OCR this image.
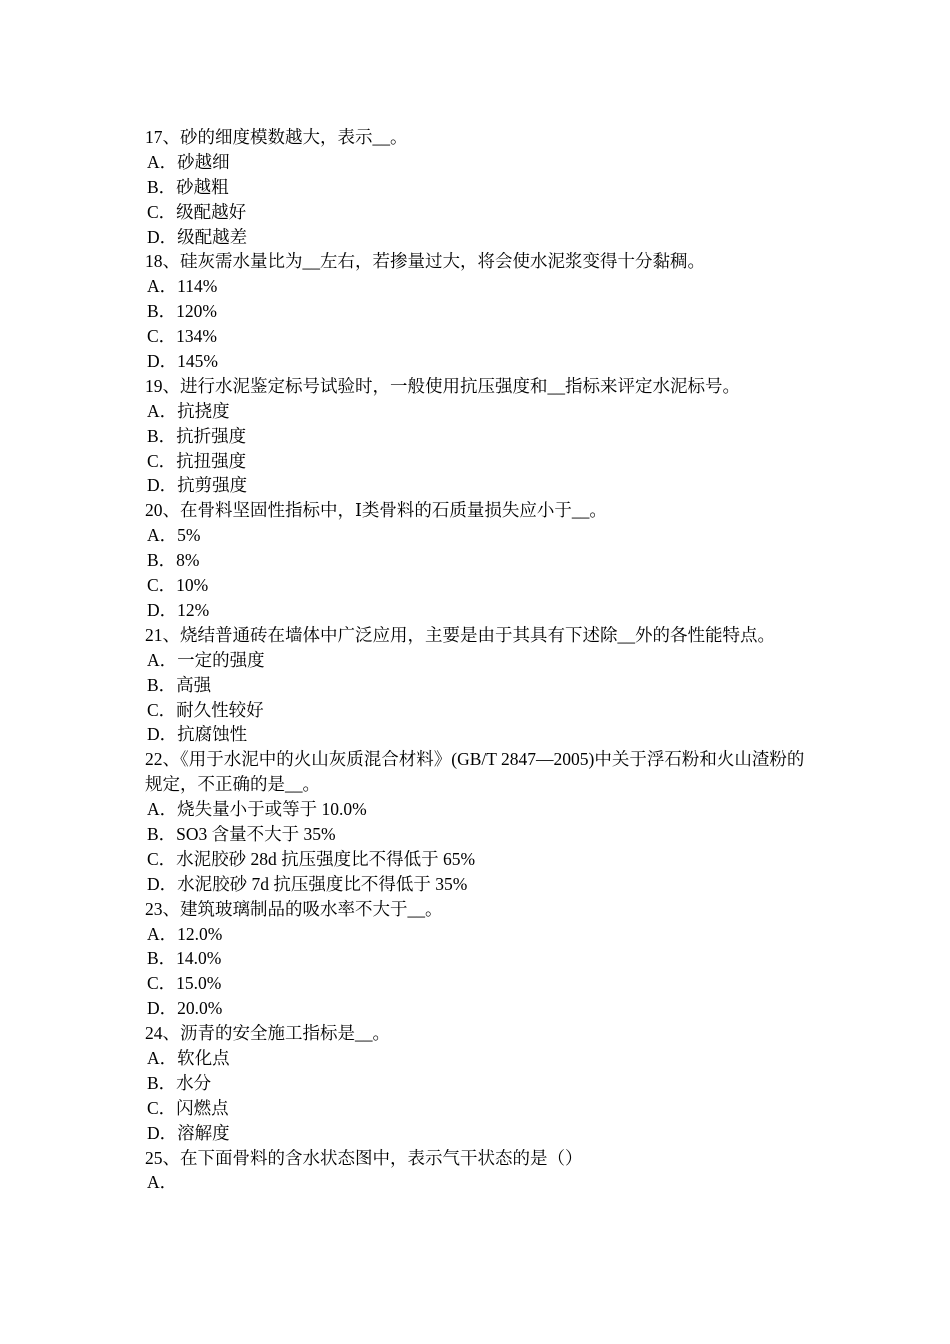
17、砂的细度模数越大，表示__。
A．砂越细
B．砂越粗
C．级配越好
D．级配越差
18、硅灰需水量比为__左右，若掺量过大，将会使水泥浆变得十分黏稠。
A．114%
B．120%
C．134%
D．145%
19、进行水泥鉴定标号试验时，一般使用抗压强度和__指标来评定水泥标号。
A．抗挠度
B．抗折强度
C．抗扭强度
D．抗剪强度
20、在骨料坚固性指标中，Ⅰ类骨料的石质量损失应小于__。
A．5%
B．8%
C．10%
D．12%
21、烧结普通砖在墙体中广泛应用，主要是由于其具有下述除__外的各性能特点。
A．一定的强度
B．高强
C．耐久性较好
D．抗腐蚀性
22、《用于水泥中的火山灰质混合材料》(GB/T 2847—2005)中关于浮石粉和火山渣粉的规定，不正确的是__。
A．烧失量小于或等于 10.0%
B．SO3 含量不大于 35%
C．水泥胶砂 28d 抗压强度比不得低于 65%
D．水泥胶砂 7d 抗压强度比不得低于 35%
23、建筑玻璃制品的吸水率不大于__。
A．12.0%
B．14.0%
C．15.0%
D．20.0%
24、沥青的安全施工指标是__。
A．软化点
B．水分
C．闪燃点
D．溶解度
25、在下面骨料的含水状态图中，表示气干状态的是（）
A．
